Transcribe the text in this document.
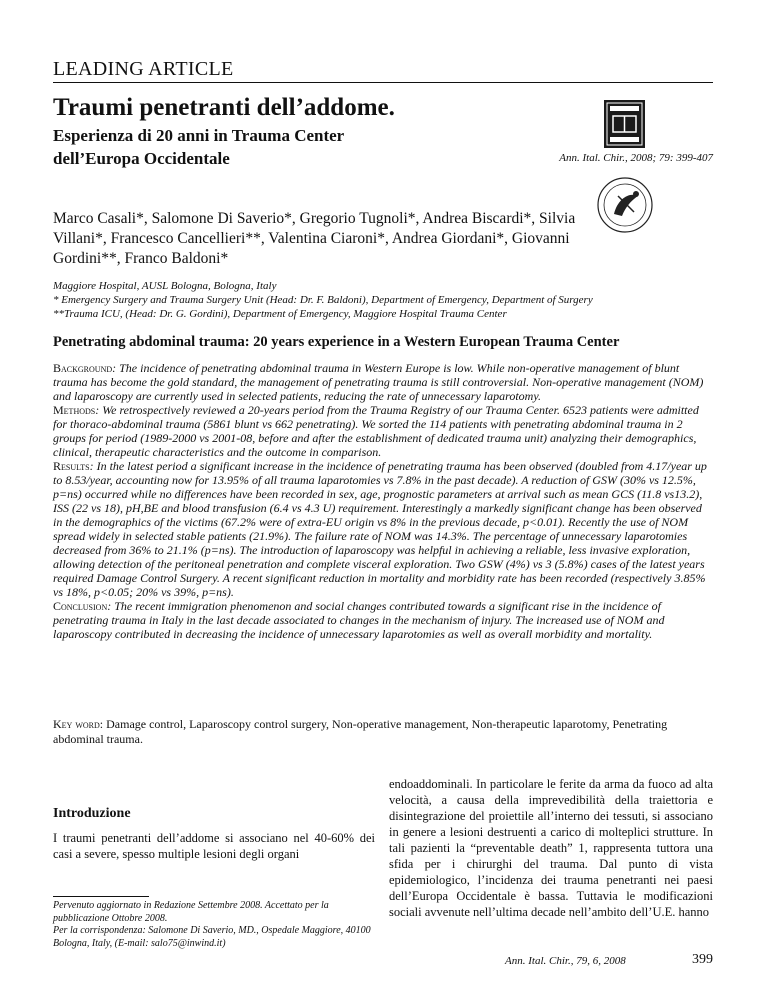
LEADING ARTICLE
Traumi penetranti dell’addome.
Esperienza di 20 anni in Trauma Center dell’Europa Occidentale	Ann. Ital. Chir., 2008; 79: 399-407
Marco Casali*, Salomone Di Saverio*, Gregorio Tugnoli*, Andrea Biscardi*, Silvia Villani*, Francesco Cancellieri**, Valentina Ciaroni*, Andrea Giordani*, Giovanni Gordini**, Franco Baldoni*
Maggiore Hospital, AUSL Bologna, Bologna, Italy
* Emergency Surgery and Trauma Surgery Unit (Head: Dr. F. Baldoni), Department of Emergency, Department of Surgery
**Trauma ICU, (Head: Dr. G. Gordini), Department of Emergency, Maggiore Hospital Trauma Center
Penetrating abdominal trauma: 20 years experience in a Western European Trauma Center

Background: The incidence of penetrating abdominal trauma in Western Europe is low. While non-operative management of blunt trauma has become the gold standard, the management of penetrating trauma is still controversial. Non-operative management (NOM) and laparoscopy are currently used in selected patients, reducing the rate of unnecessary laparotomy.

Methods: We retrospectively reviewed a 20-years period from the Trauma Registry of our Trauma Center. 6523 patients were admitted for thoraco-abdominal trauma (5861 blunt vs 662 penetrating). We sorted the 114 patients with penetrating abdominal trauma in 2 groups for period (1989-2000 vs 2001-08, before and after the establishment of dedicated trauma unit) analyzing their demographics, clinical, therapeutic characteristics and the outcome in comparison.

Results: In the latest period a significant increase in the incidence of penetrating trauma has been observed (doubled from 4.17/year up to 8.53/year, accounting now for 13.95% of all trauma laparotomies vs 7.8% in the past decade). A reduction of GSW (30% vs 12.5%, p=ns) occurred while no differences have been recorded in sex, age, prognostic parameters at arrival such as mean GCS (11.8 vs13.2), ISS (22 vs 18), pH,BE and blood transfusion (6.4 vs 4.3 U) requirement. Interestingly a markedly significant change has been observed in the demographics of the victims (67.2% were of extra-EU origin vs 8% in the previous decade, p<0.01). Recently the use of NOM spread widely in selected stable patients (21.9%). The failure rate of NOM was 14.3%. The percentage of unnecessary laparotomies decreased from 36% to 21.1% (p=ns). The introduction of laparoscopy was helpful in achieving a reliable, less invasive exploration, allowing detection of the peritoneal penetration and complete visceral exploration. Two GSW (4%) vs 3 (5.8%) cases of the latest years required Damage Control Surgery. A recent significant reduction in mortality and morbidity rate has been recorded (respectively 3.85% vs 18%, p<0.05; 20% vs 39%, p=ns).

Conclusion: The recent immigration phenomenon and social changes contributed towards a significant rise in the incidence of penetrating trauma in Italy in the last decade associated to changes in the mechanism of injury. The increased use of NOM and laparoscopy contributed in decreasing the incidence of unnecessary laparotomies as well as overall morbidity and mortality.

Key word: Damage control, Laparoscopy control surgery, Non-operative management, Non-therapeutic laparotomy, Penetrating abdominal trauma.
Introduzione
I traumi penetranti dell’addome si associano nel 40-60% dei casi a severe, spesso multiple lesioni degli organi

Pervenuto aggiornato in Redazione Settembre 2008. Accettato per la pubblicazione Ottobre 2008.

Per la corrispondenza: Salomone Di Saverio, MD., Ospedale Maggiore, 40100 Bologna, Italy, (E-mail: salo75@inwind.it)

endoaddominali. In particolare le ferite da arma da fuoco ad alta velocità, a causa della imprevedibilità della traiettoria e disintegrazione del proiettile all’interno dei tessuti, si associano in genere a lesioni destruenti a carico di molteplici strutture. In tali pazienti la “preventable death” 1, rappresenta tuttora una sfida per i chirurghi del trauma. Dal punto di vista epidemiologico, l’incidenza dei trauma penetranti nei paesi dell’Europa Occidentale è bassa. Tuttavia le modificazioni sociali avvenute nell’ultima decade nell’ambito dell’U.E. hanno
Ann. Ital. Chir., 79, 6, 2008	399
